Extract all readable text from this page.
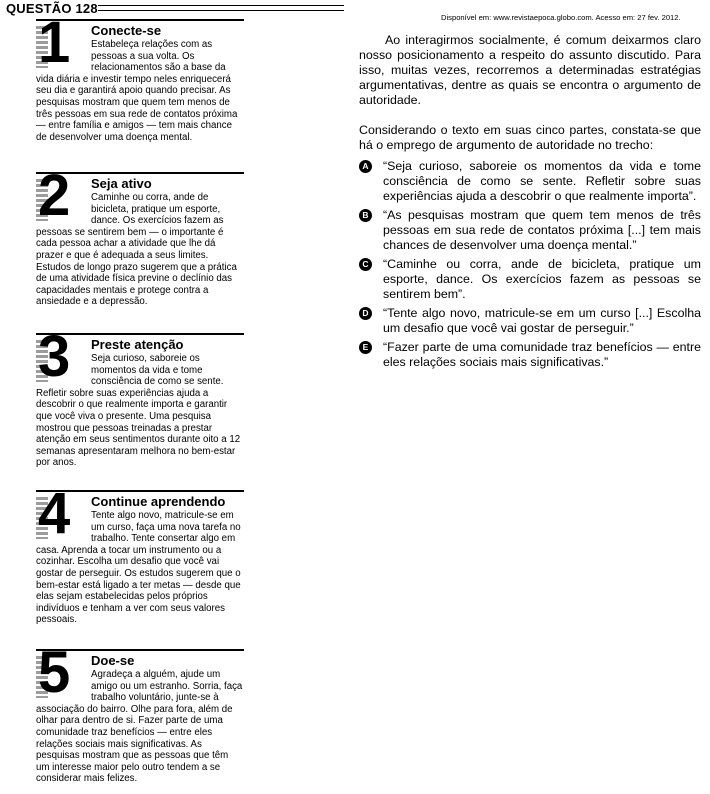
QUESTÃO 128
Disponível em: www.revistaepoca.globo.com. Acesso em: 27 fev. 2012.
1	Conecte-se

Estabeleça relações com as pessoas a sua volta. Os relacionamentos são a base da vida diária e investir tempo neles enriquecerá seu dia e garantirá apoio quando precisar. As pesquisas mostram que quem tem menos de três pessoas em sua rede de contatos próxima — entre família e amigos — tem mais chance de desenvolver uma doença mental.

2	Seja ativo

Caminhe ou corra, ande de bicicleta, pratique um esporte, dance. Os exercícios fazem as pessoas se sentirem bem — o importante é cada pessoa achar a atividade que lhe dá prazer e que é adequada a seus limites. Estudos de longo prazo sugerem que a prática de uma atividade física previne o declínio das capacidades mentais e protege contra a ansiedade e a depressão.

3	Preste atenção

Seja curioso, saboreie os momentos da vida e tome consciência de como se sente. Refletir sobre suas experiências ajuda a descobrir o que realmente importa e garantir que você viva o presente. Uma pesquisa mostrou que pessoas treinadas a prestar atenção em seus sentimentos durante oito a 12 semanas apresentaram melhora no bem-estar por anos.

4	Continue aprendendo

Tente algo novo, matricule-se em um curso, faça uma nova tarefa no trabalho. Tente consertar algo em casa. Aprenda a tocar um instrumento ou a cozinhar. Escolha um desafio que você vai gostar de perseguir. Os estudos sugerem que o bem-estar está ligado a ter metas — desde que elas sejam estabelecidas pelos próprios indivíduos e tenham a ver com seus valores pessoais.

5	Doe-se

Agradeça a alguém, ajude um amigo ou um estranho. Sorria, faça trabalho voluntário, junte-se à associação do bairro. Olhe para fora, além de olhar para dentro de si. Fazer parte de uma comunidade traz benefícios — entre eles relações sociais mais significativas. As pesquisas mostram que as pessoas que têm um interesse maior pelo outro tendem a se considerar mais felizes.

Ao interagirmos socialmente, é comum deixarmos claro nosso posicionamento a respeito do assunto discutido. Para isso, muitas vezes, recorremos a determinadas estratégias argumentativas, dentre as quais se encontra o argumento de autoridade.

Considerando o texto em suas cinco partes, constata-se que há o emprego de argumento de autoridade no trecho:

A “Seja curioso, saboreie os momentos da vida e tome consciência de como se sente. Refletir sobre suas experiências ajuda a descobrir o que realmente importa”.
B “As pesquisas mostram que quem tem menos de três pessoas em sua rede de contatos próxima [...] tem mais chances de desenvolver uma doença mental.”
C “Caminhe ou corra, ande de bicicleta, pratique um esporte, dance. Os exercícios fazem as pessoas se sentirem bem”.
D “Tente algo novo, matricule-se em um curso [...] Escolha um desafio que você vai gostar de perseguir.”
E “Fazer parte de uma comunidade traz benefícios — entre eles relações sociais mais significativas.”
